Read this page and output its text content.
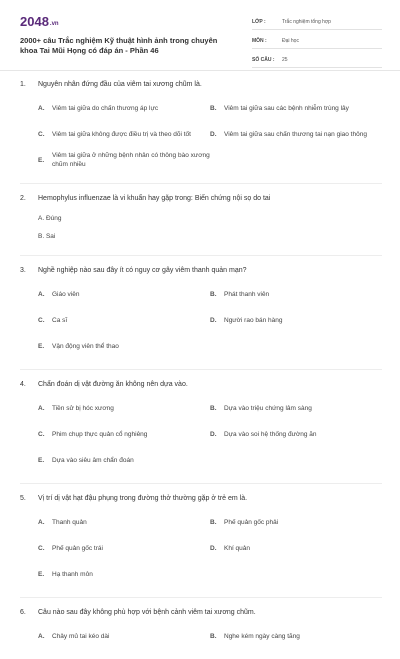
2048.vn
2000+ câu Trắc nghiệm Kỹ thuật hình ảnh trong chuyên khoa Tai Mũi Họng có đáp án - Phần 46
LỚP :	Trắc nghiệm tổng hợp
MÔN :	Đại học
SỐ CÂU :	25
1.	Nguyên nhân đứng đầu của viêm tai xương chũm là.
A.	Viêm tai giữa do chấn thương áp lực	B.	Viêm tai giữa sau các bệnh nhiễm trùng lây
C.	Viêm tai giữa không được điều trị và theo dõi tốt	D.	Viêm tai giữa sau chấn thương tai nạn giao thông
E.
Viêm tai giữa ở những bệnh nhân có thông bào xương chũm nhiều
2.	Hemophylus influenzae là vi khuẩn hay gặp trong: Biến chứng nội sọ do tai
A. Đúng
B. Sai
3.	Nghề nghiệp nào sau đây ít có nguy cơ gây viêm thanh quản mạn?
A.	Giáo viên	B.	Phát thanh viên
C.	Ca sĩ	D.	Người rao bán hàng
E.	Vận động viên thể thao
4.	Chẩn đoán dị vật đường ăn không nên dựa vào.
A.	Tiền sử bị hóc xương	B.	Dựa vào triệu chứng lâm sàng
C.	Phim chụp thực quản cổ nghiêng	D.	Dựa vào soi hệ thống đường ăn
E.	Dựa vào siêu âm chẩn đoán
5.	Vị trí dị vật hạt đậu phụng trong đường thở thường gặp ở trẻ em là.
A.	Thanh quản	B.	Phế quản gốc phải
C.	Phế quản gốc trái	D.	Khí quản
E.	Hạ thanh môn
6.	Câu nào sau đây không phù hợp với bệnh cảnh viêm tai xương chũm.
A.	Chảy mủ tai kéo dài	B.	Nghe kém ngày càng tăng
